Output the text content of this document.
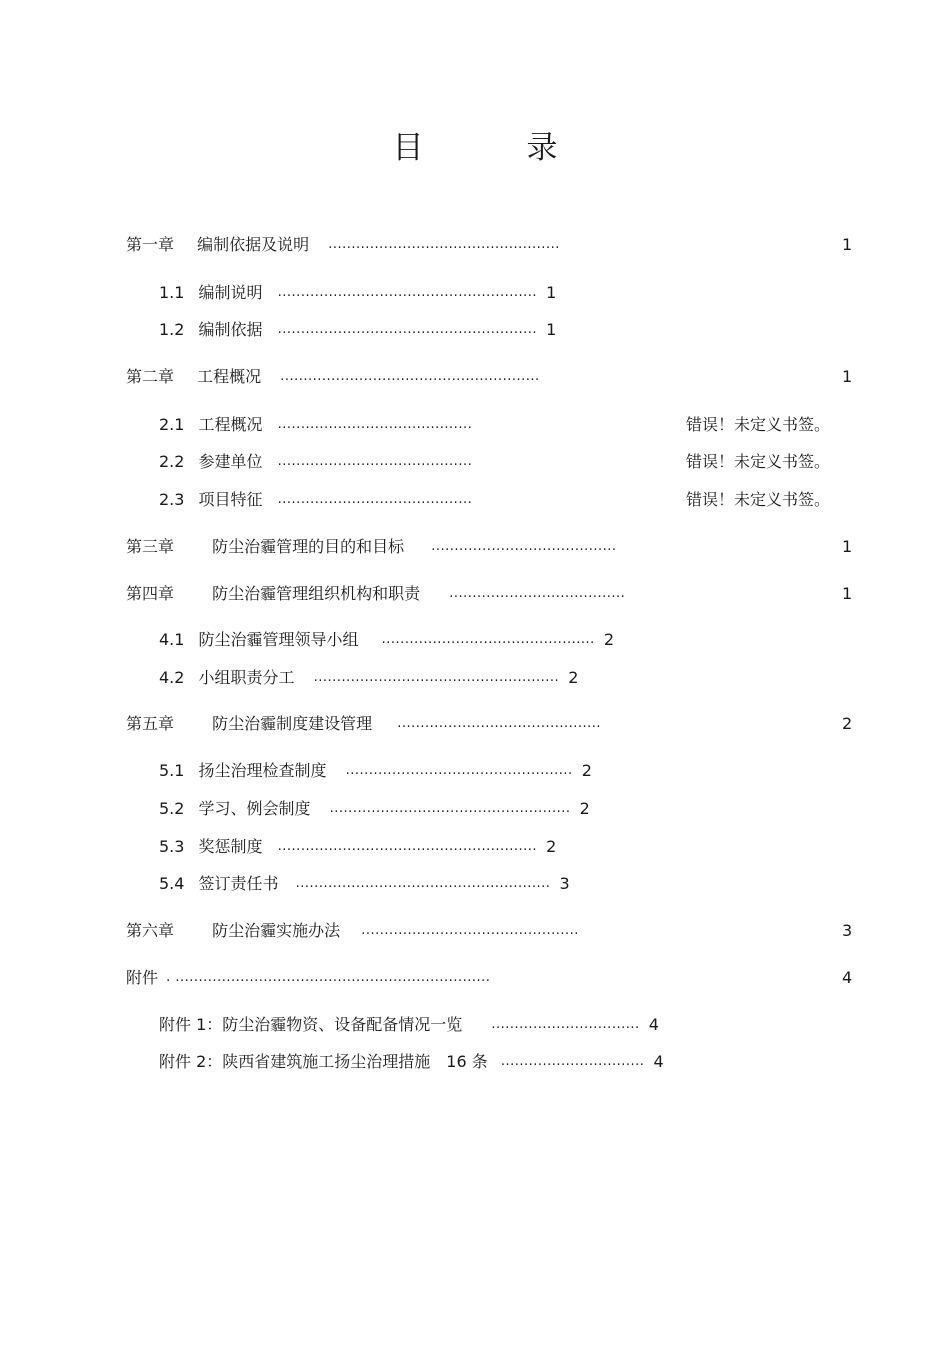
目　录
第一章 编制依据及说明 ..................................................	1
1.1 编制说明 ........................................................ 1
1.2 编制依据 ........................................................ 1
第二章 工程概况 ........................................................	1
2.1 工程概况 ..........................................	错误！未定义书签。
2.2 参建单位 ..........................................	错误！未定义书签。
2.3 项目特征 ..........................................	错误！未定义书签。
第三章 防尘治霾管理的目的和目标 ........................................	1
第四章 防尘治霾管理组织机构和职责 ......................................	1
4.1 防尘治霾管理领导小组 .............................................. 2
4.2 小组职责分工 ..................................................... 2
第五章 防尘治霾制度建设管理 ............................................	2
5.1 扬尘治理检查制度 ................................................. 2
5.2 学习、例会制度 .................................................... 2
5.3 奖惩制度 ........................................................ 2
5.4 签订责任书 ....................................................... 3
第六章 防尘治霾实施办法 ...............................................	3
附件 . ....................................................................	4
附件 1：防尘治霾物资、设备配备情况一览 ................................ 4
附件 2：陕西省建筑施工扬尘治理措施　16 条 ............................... 4
